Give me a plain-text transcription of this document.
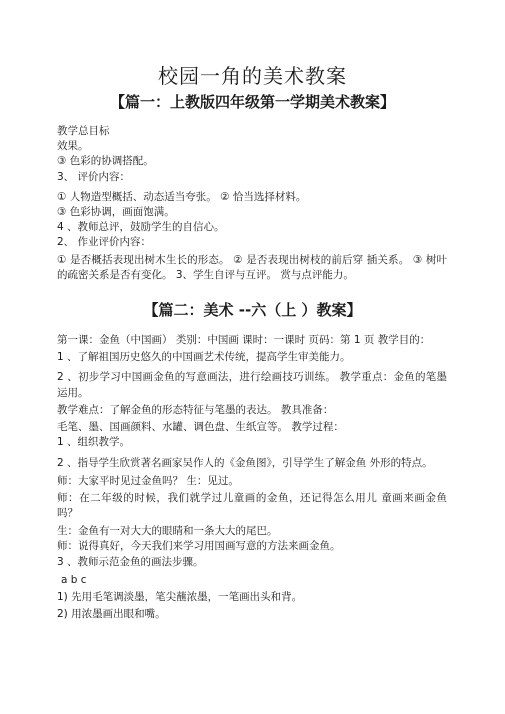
校园一角的美术教案
【篇一：上教版四年级第一学期美术教案】
教学总目标
效果。
③ 色彩的协调搭配。
3、 评价内容：
① 人物造型概括、动态适当夸张。 ② 恰当选择材料。
③ 色彩协调，画面饱满。
4 、教师总评，鼓励学生的自信心。
2、 作业评价内容：
① 是否概括表现出树木生长的形态。 ② 是否表现出树枝的前后穿 插关系。 ③ 树叶的疏密关系是否有变化。 3、学生自评与互评。 赏与点评能力。
【篇二：美术 --六（上 ）教案】
第一课：金鱼（中国画） 类别：中国画 课时：一课时 页码：第 1 页 教学目的：
1 、了解祖国历史悠久的中国画艺术传统，提高学生审美能力。
2 、初步学习中国画金鱼的写意画法，进行绘画技巧训练。 教学重点：金鱼的笔墨运用。
教学难点：了解金鱼的形态特征与笔墨的表达。 教具准备：
毛笔、墨、国画颜料、水罐、调色盘、生纸宣等。 教学过程：
1 、组织教学。
2 、指导学生欣赏著名画家吴作人的《金鱼图》，引导学生了解金鱼 外形的特点。
师：大家平时见过金鱼吗？ 生：见过。
师：在二年级的时候，我们就学过儿童画的金鱼，还记得怎么用儿 童画来画金鱼吗？
生：金鱼有一对大大的眼睛和一条大大的尾巴。
师：说得真好，今天我们来学习用国画写意的方法来画金鱼。
3 、教师示范金鱼的画法步骤。
a b c
1) 先用毛笔调淡墨，笔尖蘸浓墨，一笔画出头和背。
2) 用浓墨画出眼和嘴。
